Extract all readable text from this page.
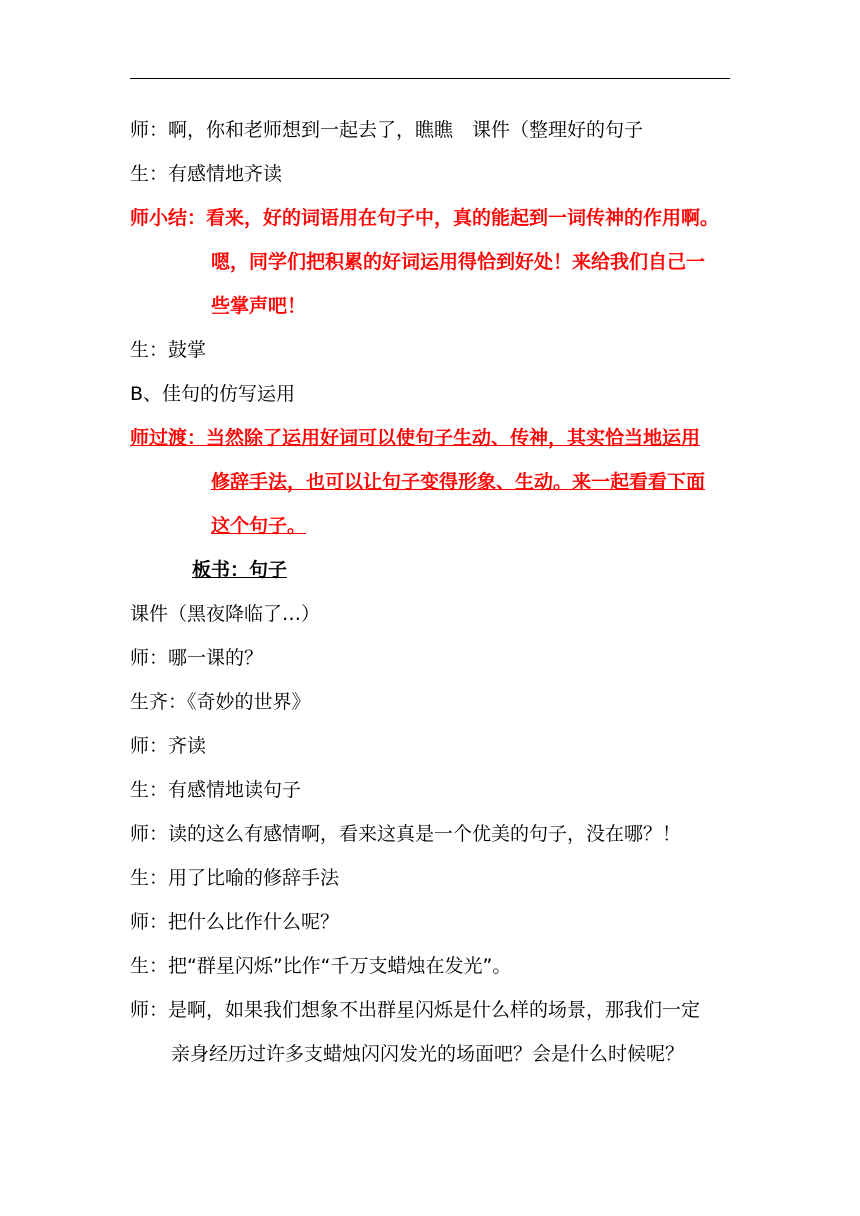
师：啊，你和老师想到一起去了，瞧瞧　课件（整理好的句子
生：有感情地齐读
师小结：看来，好的词语用在句子中，真的能起到一词传神的作用啊。
嗯，同学们把积累的好词运用得恰到好处！来给我们自己一
些掌声吧！
生：鼓掌
B、佳句的仿写运用
师过渡：当然除了运用好词可以使句子生动、传神，其实恰当地运用
修辞手法，也可以让句子变得形象、生动。来一起看看下面
这个句子。
板书：句子
课件（黑夜降临了…）
师：哪一课的？
生齐：《奇妙的世界》
师：齐读
生：有感情地读句子
师：读的这么有感情啊，看来这真是一个优美的句子，没在哪？！
生：用了比喻的修辞手法
师：把什么比作什么呢？
生：把“群星闪烁”比作“千万支蜡烛在发光”。
师：是啊，如果我们想象不出群星闪烁是什么样的场景，那我们一定
亲身经历过许多支蜡烛闪闪发光的场面吧？会是什么时候呢？
